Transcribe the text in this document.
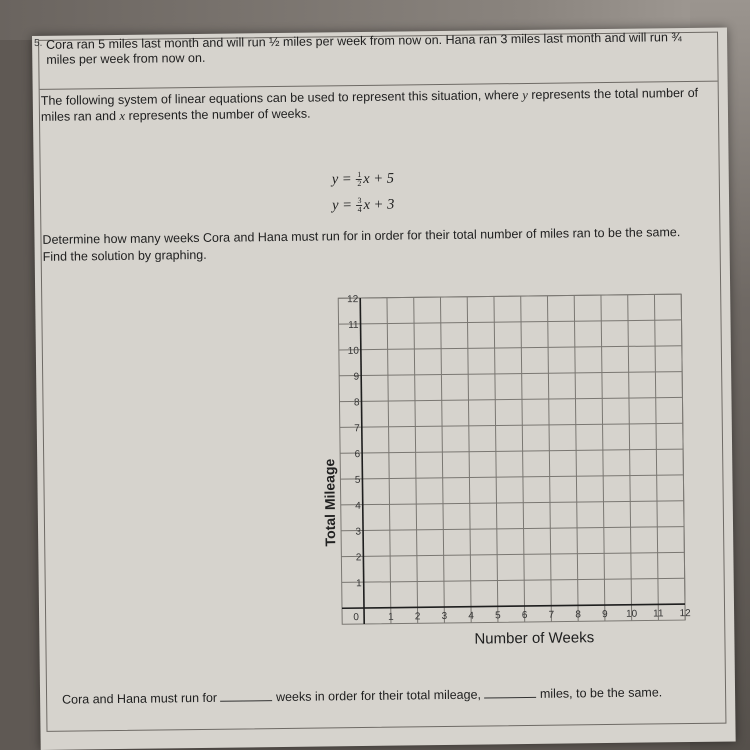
5. Cora ran 5 miles last month and will run ½ miles per week from now on. Hana ran 3 miles last month and will run ¾ miles per week from now on.
The following system of linear equations can be used to represent this situation, where y represents the total number of miles ran and x represents the number of weeks.
$y = \frac{1}{2}$ x + 5
$y = \frac{3}{4}$ x + 3
Determine how many weeks Cora and Hana must run for in order for their total number of miles ran to be the same. Find the solution by graphing.
1
2
3
4
5
6
7
8
9
10
11
12
1 2 3 4 5 6 7 8 9 10 11 12
0
Total Mileage
Number of Weeks
Cora and Hana must run for	weeks in order for their total mileage,	miles, to be the same.
